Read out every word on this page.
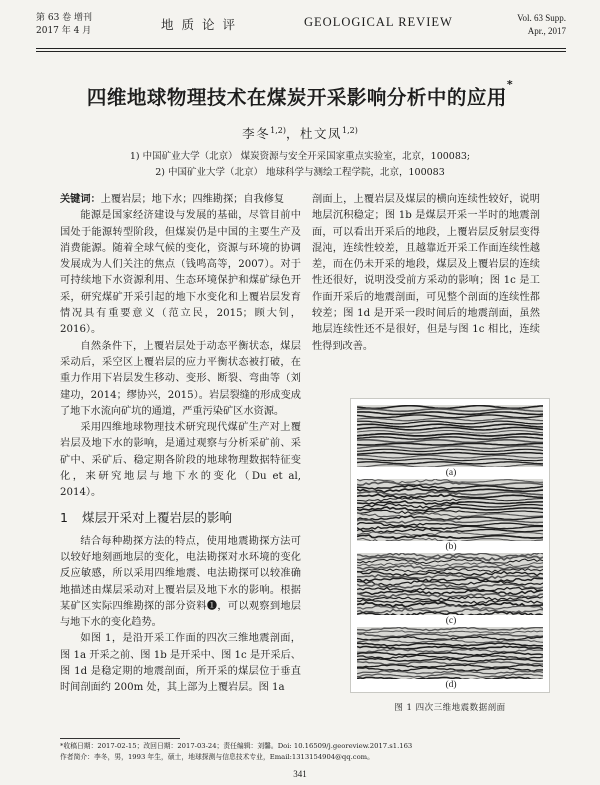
第 63 卷 增刊
2017 年 4 月	地质论评	GEOLOGICAL REVIEW	Vol. 63 Supp.
Apr., 2017
四维地球物理技术在煤炭开采影响分析中的应用*
李冬$^{1,2)}$，杜文凤$^{1,2)}$
1) 中国矿业大学（北京） 煤炭资源与安全开采国家重点实验室，北京，100083;
2) 中国矿业大学（北京） 地球科学与测绘工程学院，北京，100083
关键词：上覆岩层；地下水；四维勘探；自我修复

能源是国家经济建设与发展的基础，尽管目前中国处于能源转型阶段，但煤炭仍是中国的主要生产及消费能源。随着全球气候的变化，资源与环境的协调发展成为人们关注的焦点（钱鸣高等，2007）。对于可持续地下水资源利用、生态环境保护和煤矿绿色开采，研究煤矿开采引起的地下水变化和上覆岩层发育情况具有重要意义（范立民，2015；顾大钊，2016）。

自然条件下，上覆岩层处于动态平衡状态，煤层采动后，采空区上覆岩层的应力平衡状态被打破，在重力作用下岩层发生移动、变形、断裂、弯曲等（刘建功，2014；缪协兴，2015）。岩层裂缝的形成变成了地下水流向矿坑的通道，严重污染矿区水资源。

采用四维地球物理技术研究现代煤矿生产对上覆岩层及地下水的影响，是通过观察与分析采矿前、采矿中、采矿后、稳定期各阶段的地球物理数据特征变化，来研究地层与地下水的变化（Du et al, 2014）。

1 煤层开采对上覆岩层的影响

结合每种勘探方法的特点，使用地震勘探方法可以较好地刻画地层的变化，电法勘探对水环境的变化反应敏感，所以采用四维地震、电法勘探可以较准确地描述由煤层采动对上覆岩层及地下水的影响。根据某矿区实际四维勘探的部分资料❶，可以观察到地层与地下水的变化趋势。

如图 1，是沿开采工作面的四次三维地震剖面，图 1a 开采之前、图 1b 是开采中、图 1c 是开采后、图 1d 是稳定期的地震剖面，所开采的煤层位于垂直时间剖面约 200m 处，其上部为上覆岩层。图 1a

剖面上，上覆岩层及煤层的横向连续性较好，说明地层沉积稳定；图 1b 是煤层开采一半时的地震剖面，可以看出开采后的地段，上覆岩层反射层变得混沌，连续性较差，且越靠近开采工作面连续性越差，而在仍未开采的地段，煤层及上覆岩层的连续性还很好，说明没受前方采动的影响；图 1c 是工作面开采后的地震剖面，可见整个剖面的连续性都较差；图 1d 是开采一段时间后的地震剖面，虽然地层连续性还不是很好，但是与图 1c 相比，连续性得到改善。

(a)
(b)
(c)
(d)
图 1 四次三维地震数据剖面
*收稿日期：2017-02-15；改回日期：2017-03-24；责任编辑：刘馨。Doi: 10.16509/j.georeview.2017.s1.163
作者简介：李冬，男，1993 年生，硕士，地球探测与信息技术专业，Email:1313154904@qq.com。
341
